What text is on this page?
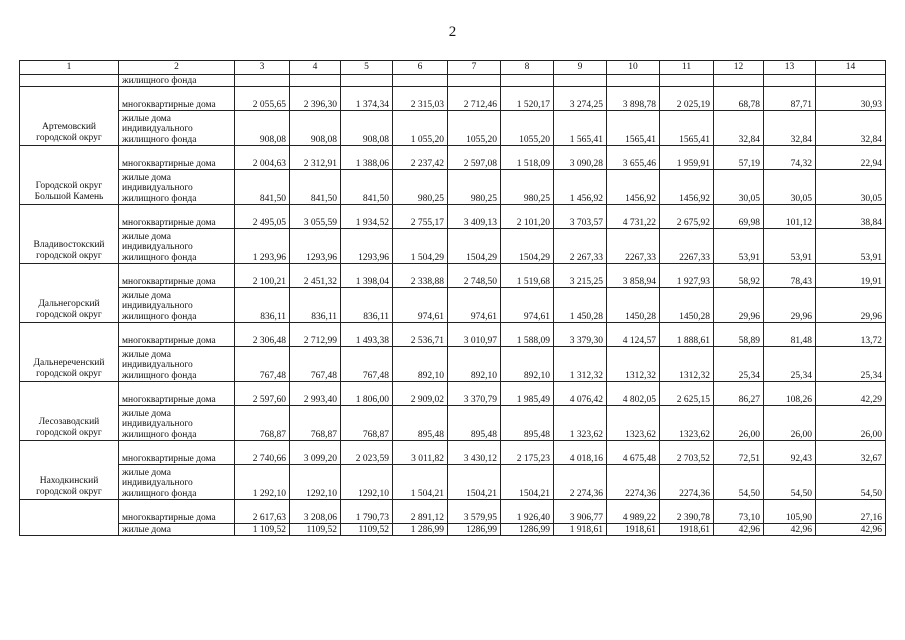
2
1	2	3	4	5	6	7	8	9	10	11	12	13	14
	жилищного фонда												
Артемовский городской округ	многоквартирные дома	2 055,65	2 396,30	1 374,34	2 315,03	2 712,46	1 520,17	3 274,25	3 898,78	2 025,19	68,78	87,71	30,93
	жилые дома индивидуального жилищного фонда	908,08	908,08	908,08	1 055,20	1055,20	1055,20	1 565,41	1565,41	1565,41	32,84	32,84	32,84
Городской округ Большой Камень	многоквартирные дома	2 004,63	2 312,91	1 388,06	2 237,42	2 597,08	1 518,09	3 090,28	3 655,46	1 959,91	57,19	74,32	22,94
	жилые дома индивидуального жилищного фонда	841,50	841,50	841,50	980,25	980,25	980,25	1 456,92	1456,92	1456,92	30,05	30,05	30,05
Владивостокский городской округ	многоквартирные дома	2 495,05	3 055,59	1 934,52	2 755,17	3 409,13	2 101,20	3 703,57	4 731,22	2 675,92	69,98	101,12	38,84
	жилые дома индивидуального жилищного фонда	1 293,96	1293,96	1293,96	1 504,29	1504,29	1504,29	2 267,33	2267,33	2267,33	53,91	53,91	53,91
Дальнегорский городской округ	многоквартирные дома	2 100,21	2 451,32	1 398,04	2 338,88	2 748,50	1 519,68	3 215,25	3 858,94	1 927,93	58,92	78,43	19,91
	жилые дома индивидуального жилищного фонда	836,11	836,11	836,11	974,61	974,61	974,61	1 450,28	1450,28	1450,28	29,96	29,96	29,96
Дальнереченский городской округ	многоквартирные дома	2 306,48	2 712,99	1 493,38	2 536,71	3 010,97	1 588,09	3 379,30	4 124,57	1 888,61	58,89	81,48	13,72
	жилые дома индивидуального жилищного фонда	767,48	767,48	767,48	892,10	892,10	892,10	1 312,32	1312,32	1312,32	25,34	25,34	25,34
Лесозаводский городской округ	многоквартирные дома	2 597,60	2 993,40	1 806,00	2 909,02	3 370,79	1 985,49	4 076,42	4 802,05	2 625,15	86,27	108,26	42,29
	жилые дома индивидуального жилищного фонда	768,87	768,87	768,87	895,48	895,48	895,48	1 323,62	1323,62	1323,62	26,00	26,00	26,00
Находкинский городской округ	многоквартирные дома	2 740,66	3 099,20	2 023,59	3 011,82	3 430,12	2 175,23	4 018,16	4 675,48	2 703,52	72,51	92,43	32,67
	жилые дома индивидуального жилищного фонда	1 292,10	1292,10	1292,10	1 504,21	1504,21	1504,21	2 274,36	2274,36	2274,36	54,50	54,50	54,50
	многоквартирные дома	2 617,63	3 208,06	1 790,73	2 891,12	3 579,95	1 926,40	3 906,77	4 989,22	2 390,78	73,10	105,90	27,16
	жилые дома	1 109,52	1109,52	1109,52	1 286,99	1286,99	1286,99	1 918,61	1918,61	1918,61	42,96	42,96	42,96
